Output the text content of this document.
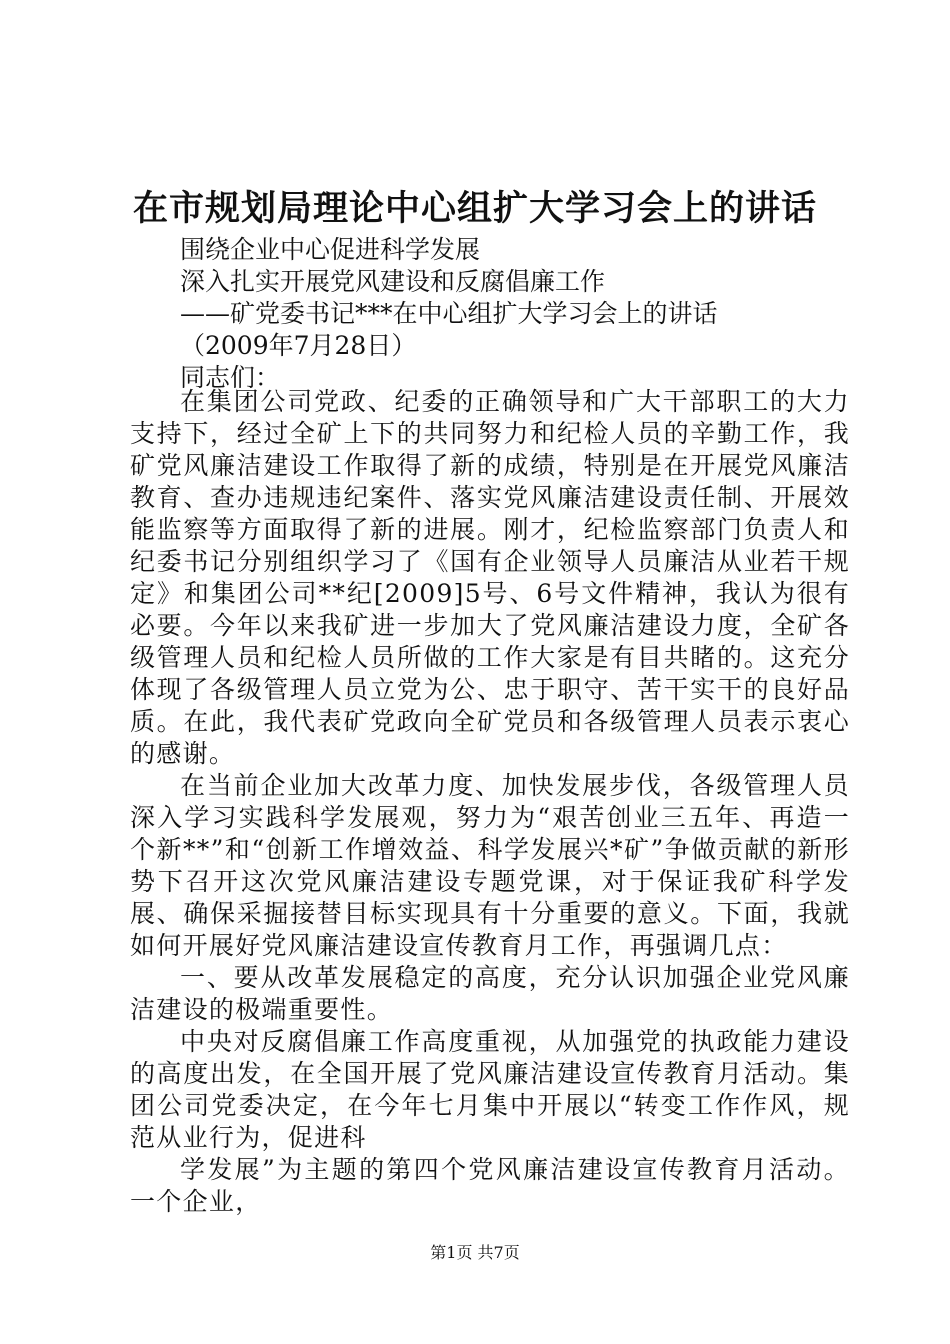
在市规划局理论中心组扩大学习会上的讲话

围绕企业中心促进科学发展

深入扎实开展党风建设和反腐倡廉工作

——矿党委书记***在中心组扩大学习会上的讲话

（2009年7月28日）

同志们：

在集团公司党政、纪委的正确领导和广大干部职工的大力支持下，经过全矿上下的共同努力和纪检人员的辛勤工作，我矿党风廉洁建设工作取得了新的成绩，特别是在开展党风廉洁教育、查办违规违纪案件、落实党风廉洁建设责任制、开展效能监察等方面取得了新的进展。刚才，纪检监察部门负责人和纪委书记分别组织学习了《国有企业领导人员廉洁从业若干规定》和集团公司**纪[2009]5号、6号文件精神，我认为很有必要。今年以来我矿进一步加大了党风廉洁建设力度，全矿各级管理人员和纪检人员所做的工作大家是有目共睹的。这充分体现了各级管理人员立党为公、忠于职守、苦干实干的良好品质。在此，我代表矿党政向全矿党员和各级管理人员表示衷心的感谢。

在当前企业加大改革力度、加快发展步伐，各级管理人员深入学习实践科学发展观，努力为“艰苦创业三五年、再造一个新**”和“创新工作增效益、科学发展兴*矿”争做贡献的新形势下召开这次党风廉洁建设专题党课，对于保证我矿科学发展、确保采掘接替目标实现具有十分重要的意义。下面，我就如何开展好党风廉洁建设宣传教育月工作，再强调几点：

一、要从改革发展稳定的高度，充分认识加强企业党风廉洁建设的极端重要性。

中央对反腐倡廉工作高度重视，从加强党的执政能力建设的高度出发，在全国开展了党风廉洁建设宣传教育月活动。集团公司党委决定，在今年七月集中开展以“转变工作作风，规范从业行为，促进科

学发展”为主题的第四个党风廉洁建设宣传教育月活动。一个企业，

第1页 共7页
